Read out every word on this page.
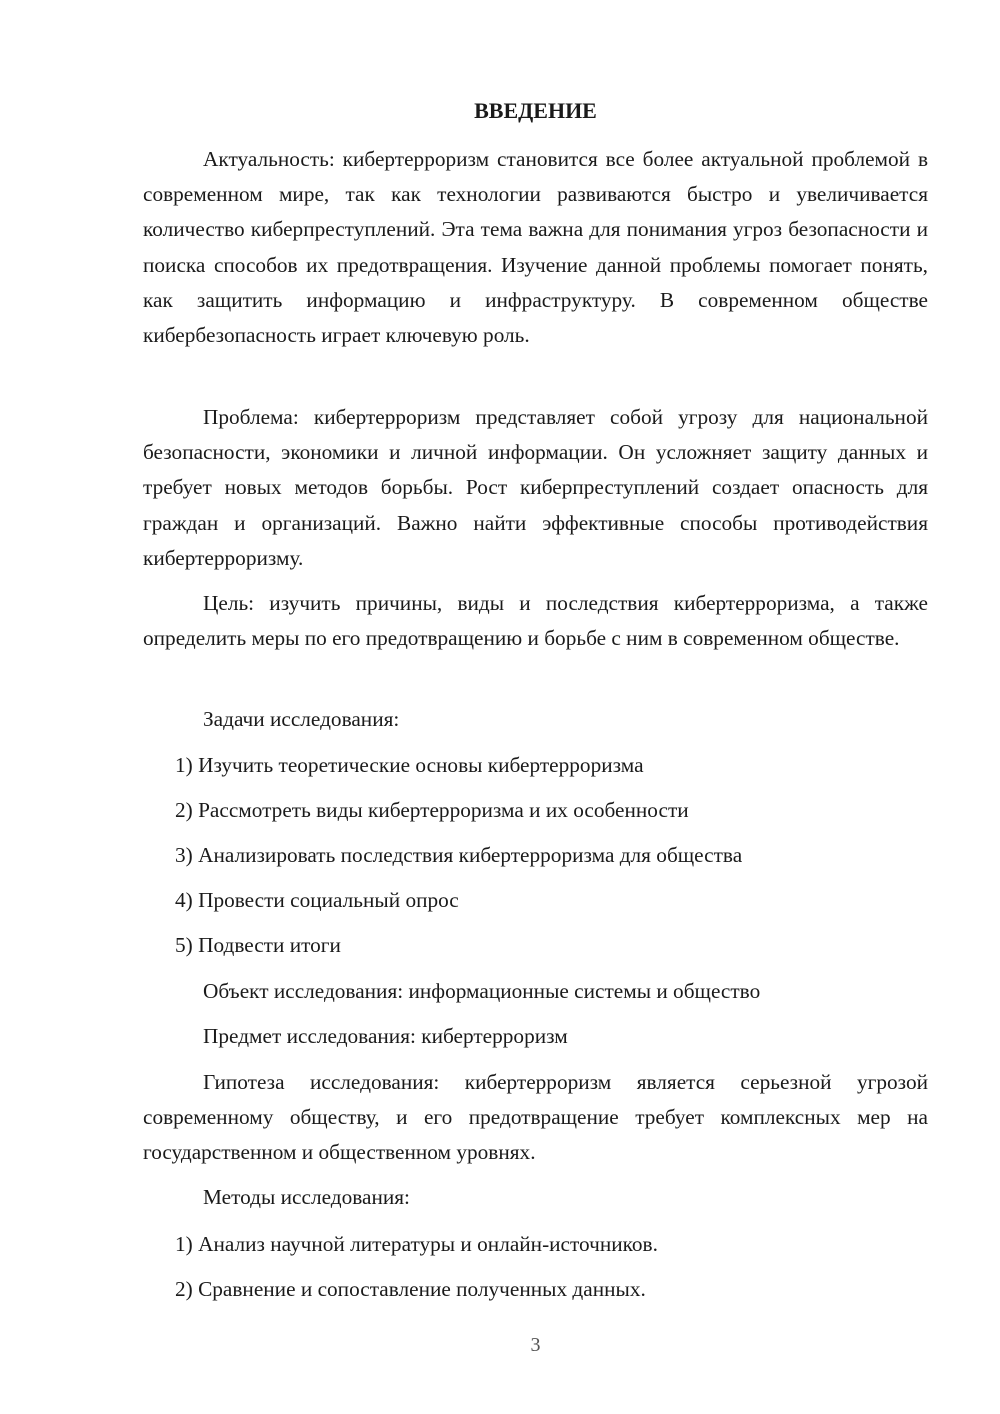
ВВЕДЕНИЕ

Актуальность: кибертерроризм становится все более актуальной проблемой в современном мире, так как технологии развиваются быстро и увеличивается количество киберпреступлений. Эта тема важна для понимания угроз безопасности и поиска способов их предотвращения. Изучение данной проблемы помогает понять, как защитить информацию и инфраструктуру. В современном обществе кибербезопасность играет ключевую роль.

Проблема: кибертерроризм представляет собой угрозу для национальной безопасности, экономики и личной информации. Он усложняет защиту данных и требует новых методов борьбы. Рост киберпреступлений создает опасность для граждан и организаций. Важно найти эффективные способы противодействия кибертерроризму.

Цель: изучить причины, виды и последствия кибертерроризма, а также определить меры по его предотвращению и борьбе с ним в современном обществе.

Задачи исследования:
1) Изучить теоретические основы кибертерроризма
2) Рассмотреть виды кибертерроризма и их особенности
3) Анализировать последствия кибертерроризма для общества
4) Провести социальный опрос
5) Подвести итоги
Объект исследования: информационные системы и общество
Предмет исследования: кибертерроризм

Гипотеза исследования: кибертерроризм является серьезной угрозой современному обществу, и его предотвращение требует комплексных мер на государственном и общественном уровнях.

Методы исследования:
1) Анализ научной литературы и онлайн-источников.
2) Сравнение и сопоставление полученных данных.
3
